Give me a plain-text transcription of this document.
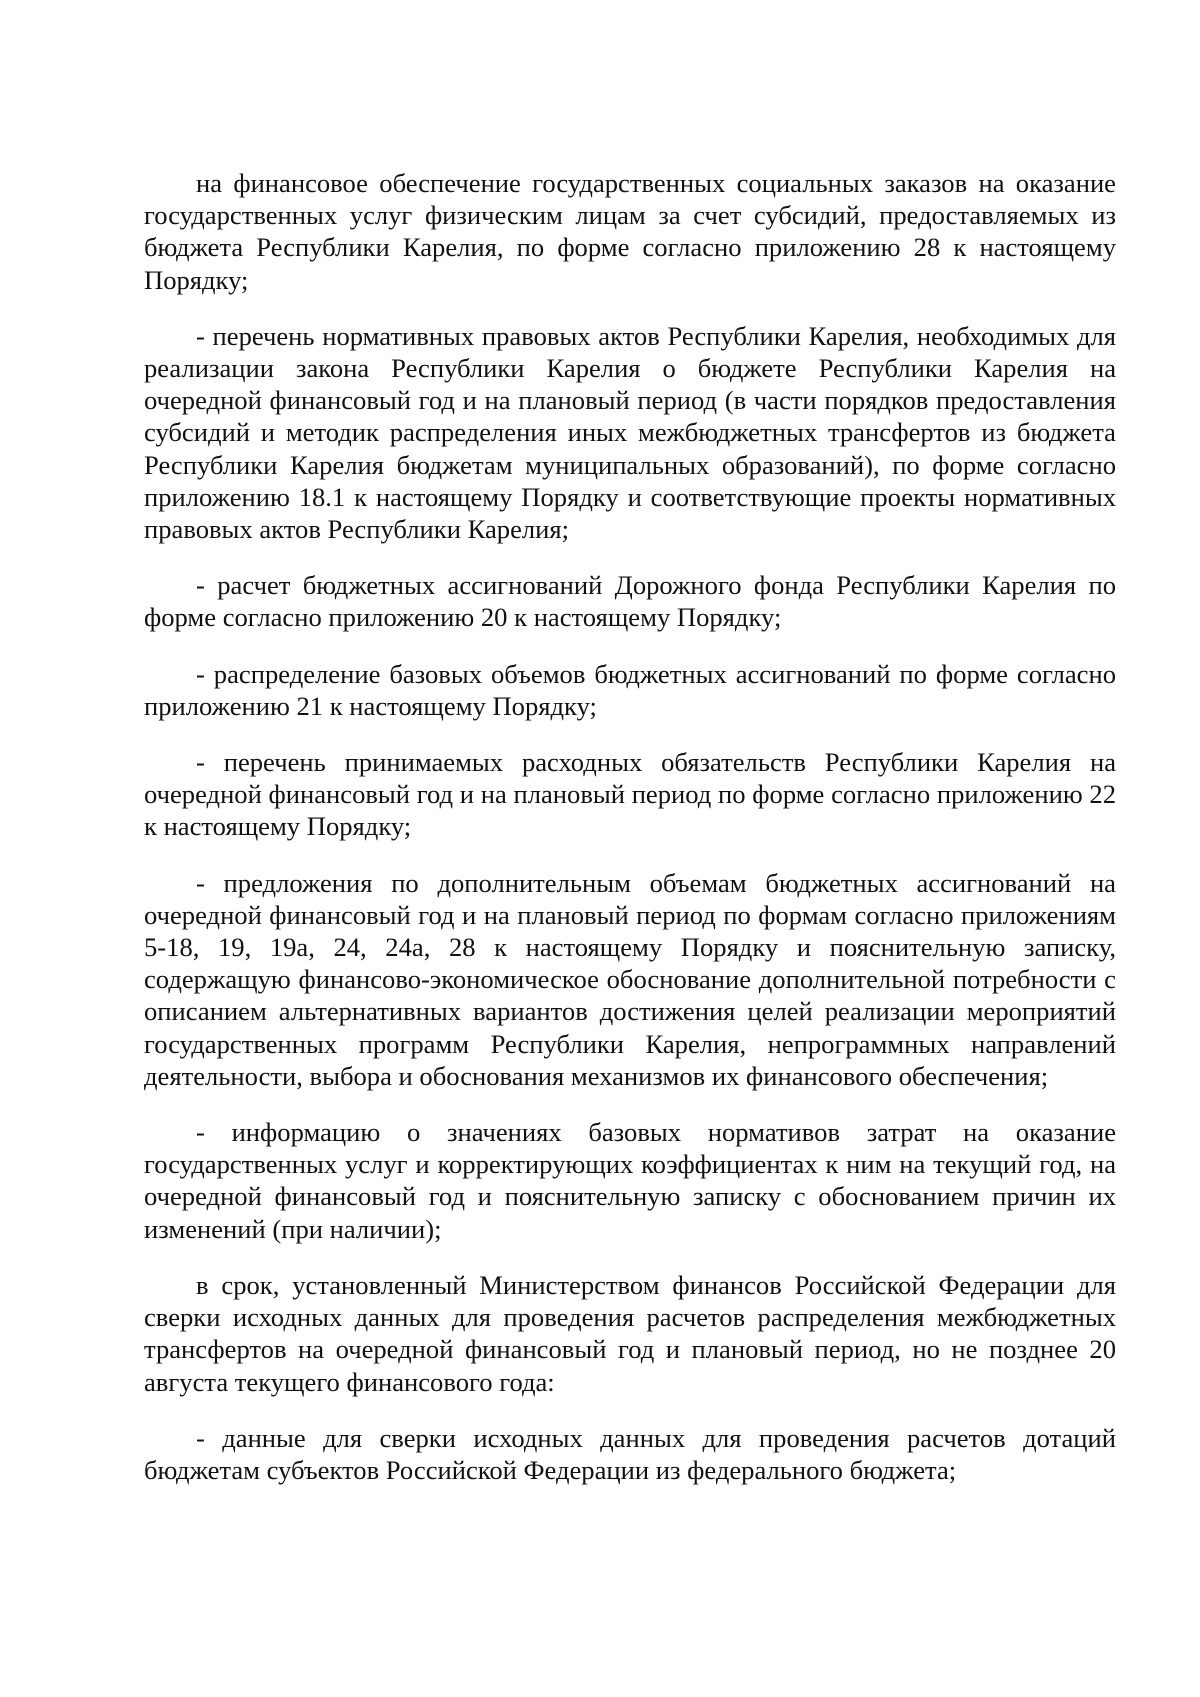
на финансовое обеспечение государственных социальных заказов на оказание государственных услуг физическим лицам за счет субсидий, предоставляемых из бюджета Республики Карелия, по форме согласно приложению 28 к настоящему Порядку;

- перечень нормативных правовых актов Республики Карелия, необходимых для реализации закона Республики Карелия о бюджете Республики Карелия на очередной финансовый год и на плановый период (в части порядков предоставления субсидий и методик распределения иных межбюджетных трансфертов из бюджета Республики Карелия бюджетам муниципальных образований), по форме согласно приложению 18.1 к настоящему Порядку и соответствующие проекты нормативных правовых актов Республики Карелия;

- расчет бюджетных ассигнований Дорожного фонда Республики Карелия по форме согласно приложению 20 к настоящему Порядку;

- распределение базовых объемов бюджетных ассигнований по форме согласно приложению 21 к настоящему Порядку;

- перечень принимаемых расходных обязательств Республики Карелия на очередной финансовый год и на плановый период по форме согласно приложению 22 к настоящему Порядку;

- предложения по дополнительным объемам бюджетных ассигнований на очередной финансовый год и на плановый период по формам согласно приложениям 5-18, 19, 19а, 24, 24а, 28 к настоящему Порядку и пояснительную записку, содержащую финансово-экономическое обоснование дополнительной потребности с описанием альтернативных вариантов достижения целей реализации мероприятий государственных программ Республики Карелия, непрограммных направлений деятельности, выбора и обоснования механизмов их финансового обеспечения;

- информацию о значениях базовых нормативов затрат на оказание государственных услуг и корректирующих коэффициентах к ним на текущий год, на очередной финансовый год и пояснительную записку с обоснованием причин их изменений (при наличии);

в срок, установленный Министерством финансов Российской Федерации для сверки исходных данных для проведения расчетов распределения межбюджетных трансфертов на очередной финансовый год и плановый период, но не позднее 20 августа текущего финансового года:

- данные для сверки исходных данных для проведения расчетов дотаций бюджетам субъектов Российской Федерации из федерального бюджета;
